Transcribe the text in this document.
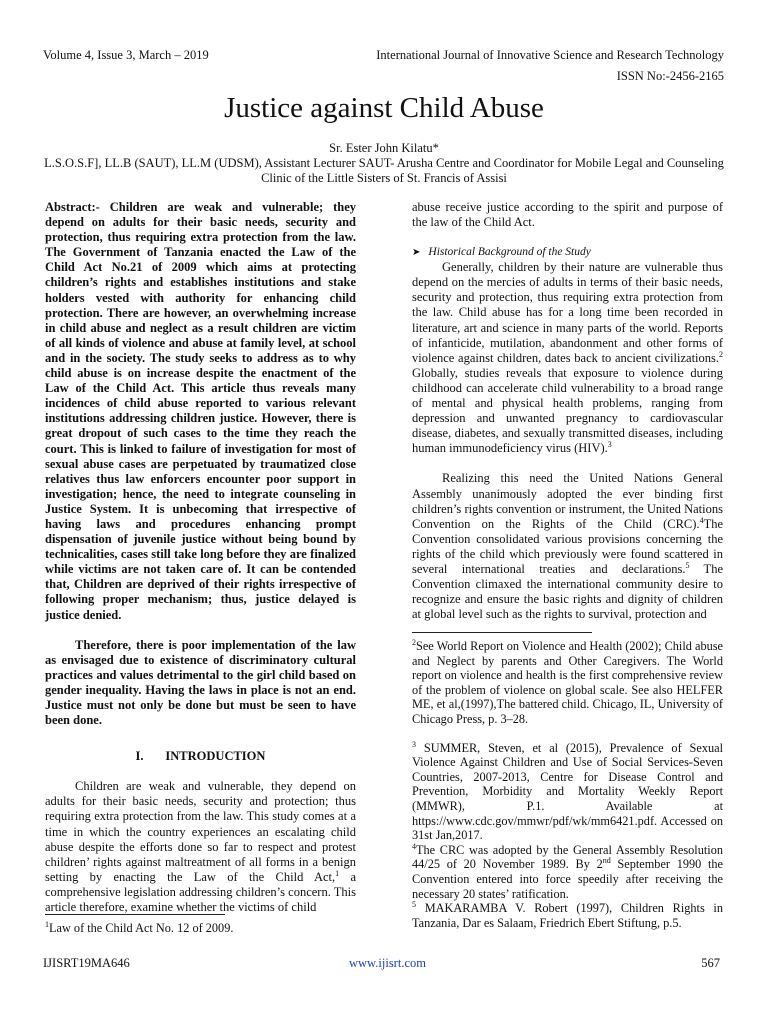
Volume 4, Issue 3, March – 2019	International Journal of Innovative Science and Research Technology
ISSN No:-2456-2165
Justice against Child Abuse
Sr. Ester John Kilatu*
L.S.O.S.F], LL.B (SAUT), LL.M (UDSM), Assistant Lecturer SAUT- Arusha Centre and Coordinator for Mobile Legal and Counseling Clinic of the Little Sisters of St. Francis of Assisi

Abstract:- Children are weak and vulnerable; they depend on adults for their basic needs, security and protection, thus requiring extra protection from the law. The Government of Tanzania enacted the Law of the Child Act No.21 of 2009 which aims at protecting children’s rights and establishes institutions and stake holders vested with authority for enhancing child protection. There are however, an overwhelming increase in child abuse and neglect as a result children are victim of all kinds of violence and abuse at family level, at school and in the society. The study seeks to address as to why child abuse is on increase despite the enactment of the Law of the Child Act. This article thus reveals many incidences of child abuse reported to various relevant institutions addressing children justice. However, there is great dropout of such cases to the time they reach the court. This is linked to failure of investigation for most of sexual abuse cases are perpetuated by traumatized close relatives thus law enforcers encounter poor support in investigation; hence, the need to integrate counseling in Justice System. It is unbecoming that irrespective of having laws and procedures enhancing prompt dispensation of juvenile justice without being bound by technicalities, cases still take long before they are finalized while victims are not taken care of. It can be contended that, Children are deprived of their rights irrespective of following proper mechanism; thus, justice delayed is justice denied.

Therefore, there is poor implementation of the law as envisaged due to existence of discriminatory cultural practices and values detrimental to the girl child based on gender inequality. Having the laws in place is not an end. Justice must not only be done but must be seen to have been done.

I.       INTRODUCTION

Children are weak and vulnerable, they depend on adults for their basic needs, security and protection; thus requiring extra protection from the law. This study comes at a time in which the country experiences an escalating child abuse despite the efforts done so far to respect and protest children’ rights against maltreatment of all forms in a benign setting by enacting the Law of the Child Act,$^1$ a comprehensive legislation addressing children’s concern. This article therefore, examine whether the victims of child

$^1$Law of the Child Act No. 12 of 2009.

abuse receive justice according to the spirit and purpose of the law of the Child Act.

➤ Historical Background of the Study

Generally, children by their nature are vulnerable thus depend on the mercies of adults in terms of their basic needs, security and protection, thus requiring extra protection from the law. Child abuse has for a long time been recorded in literature, art and science in many parts of the world. Reports of infanticide, mutilation, abandonment and other forms of violence against children, dates back to ancient civilizations.$^2$ Globally, studies reveals that exposure to violence during childhood can accelerate child vulnerability to a broad range of mental and physical health problems, ranging from depression and unwanted pregnancy to cardiovascular disease, diabetes, and sexually transmitted diseases, including human immunodeficiency virus (HIV).$^3$

Realizing this need the United Nations General Assembly unanimously adopted the ever binding first children’s rights convention or instrument, the United Nations Convention on the Rights of the Child (CRC).$^4$The Convention consolidated various provisions concerning the rights of the child which previously were found scattered in several international treaties and declarations.$^5$ The Convention climaxed the international community desire to recognize and ensure the basic rights and dignity of children at global level such as the rights to survival, protection and

$^2$See World Report on Violence and Health (2002); Child abuse and Neglect by parents and Other Caregivers. The World report on violence and health is the first comprehensive review of the problem of violence on global scale. See also HELFER ME, et al,(1997),The battered child. Chicago, IL, University of Chicago Press, p. 3–28.

$^3$ SUMMER, Steven, et al (2015), Prevalence of Sexual Violence Against Children and Use of Social Services-Seven Countries, 2007-2013, Centre for Disease Control and Prevention, Morbidity and Mortality Weekly Report (MMWR), P.1. Available at https://www.cdc.gov/mmwr/pdf/wk/mm6421.pdf. Accessed on 31st Jan,2017.

$^4$The CRC was adopted by the General Assembly Resolution 44/25 of 20 November 1989. By 2nd September 1990 the Convention entered into force speedily after receiving the necessary 20 states’ ratification.

$^5$ MAKARAMBA V. Robert (1997), Children Rights in Tanzania, Dar es Salaam, Friedrich Ebert Stiftung, p.5.

IJISRT19MA646	www.ijisrt.com	567
